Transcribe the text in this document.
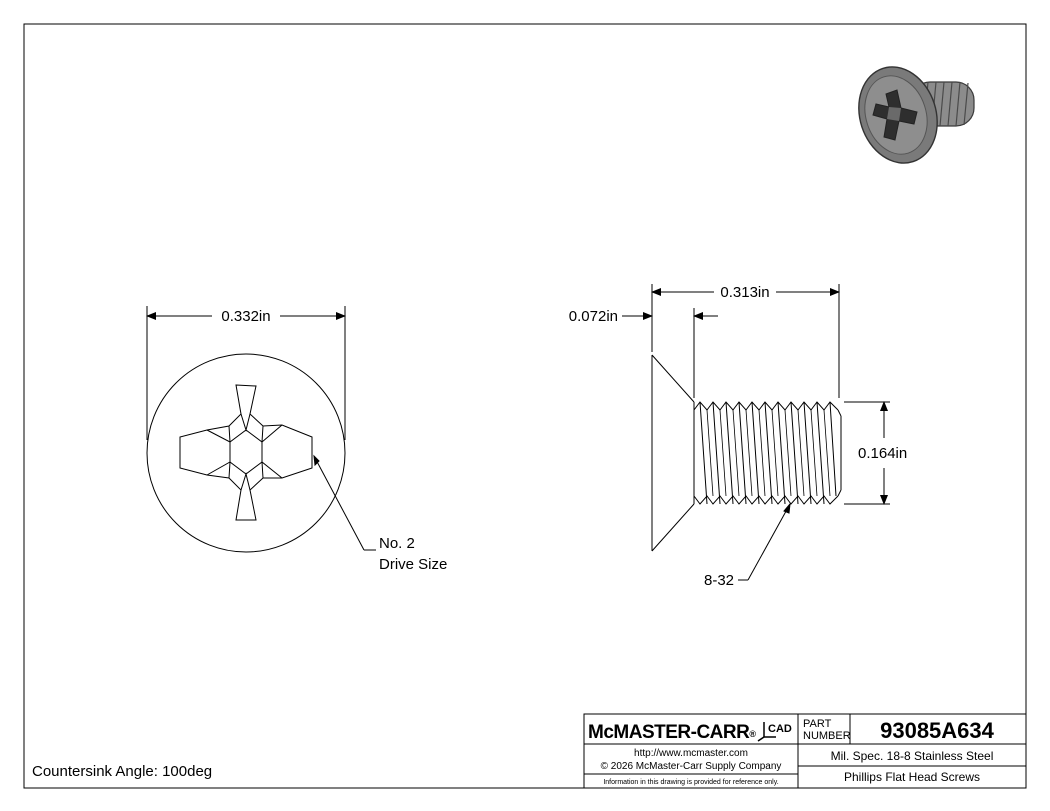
0.332in
No. 2
Drive Size
0.313in
0.072in
0.164in
8-32
Countersink Angle: 100deg
McMASTER-CARR® CAD PART
NUMBER 93085A634
http://www.mcmaster.com
© 2026 McMaster-Carr Supply Company
Information in this drawing is provided for reference only.
Mil. Spec. 18-8 Stainless Steel
Phillips Flat Head Screws
